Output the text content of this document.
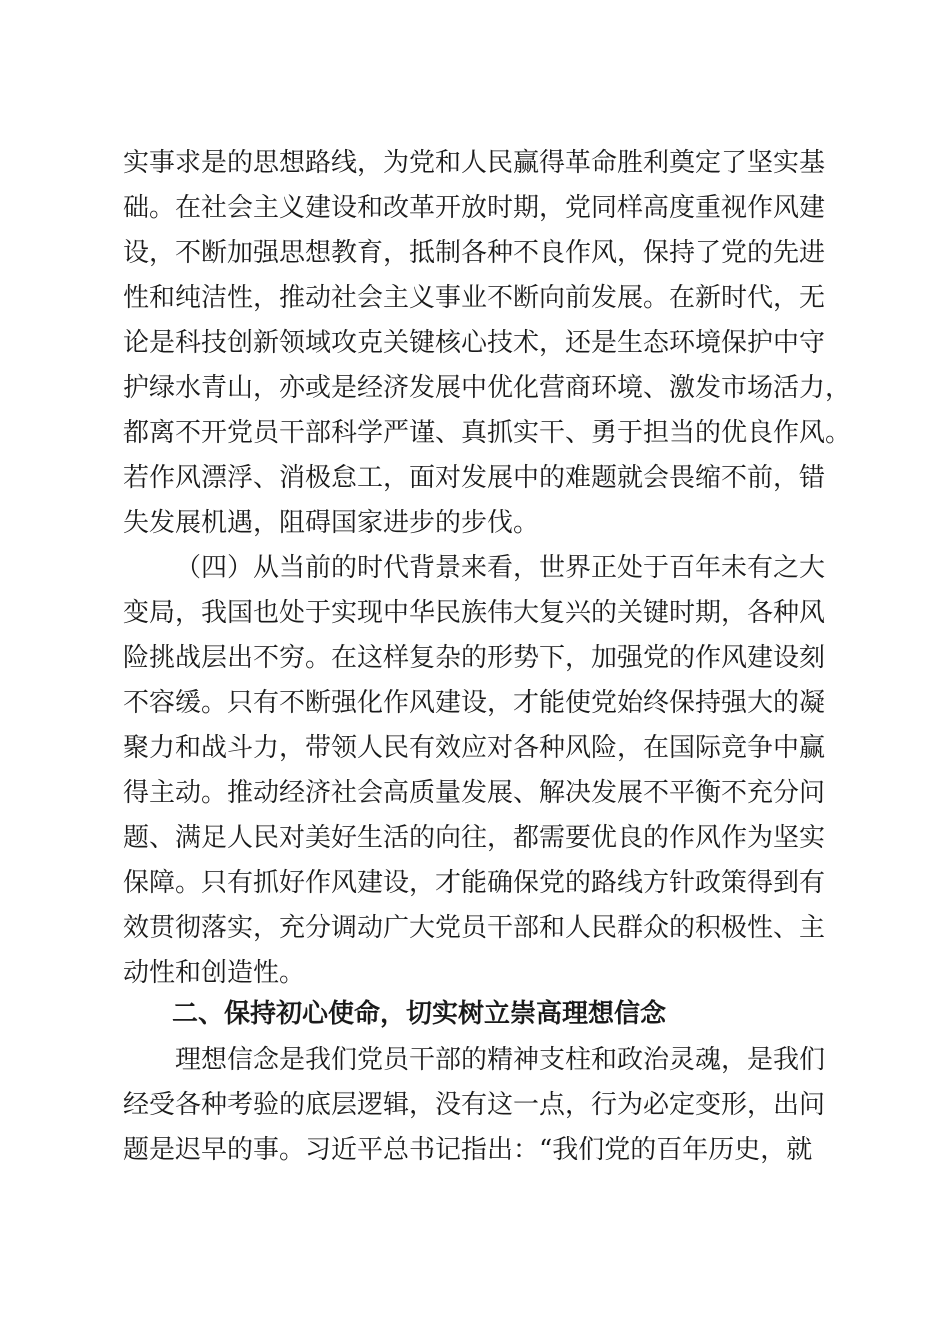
实事求是的思想路线，为党和人民赢得革命胜利奠定了坚实基
础。在社会主义建设和改革开放时期，党同样高度重视作风建
设，不断加强思想教育，抵制各种不良作风，保持了党的先进
性和纯洁性，推动社会主义事业不断向前发展。在新时代，无
论是科技创新领域攻克关键核心技术，还是生态环境保护中守
护绿水青山，亦或是经济发展中优化营商环境、激发市场活力，
都离不开党员干部科学严谨、真抓实干、勇于担当的优良作风。
若作风漂浮、消极怠工，面对发展中的难题就会畏缩不前，错
失发展机遇，阻碍国家进步的步伐。
（四）从当前的时代背景来看，世界正处于百年未有之大
变局，我国也处于实现中华民族伟大复兴的关键时期，各种风
险挑战层出不穷。在这样复杂的形势下，加强党的作风建设刻
不容缓。只有不断强化作风建设，才能使党始终保持强大的凝
聚力和战斗力，带领人民有效应对各种风险，在国际竞争中赢
得主动。推动经济社会高质量发展、解决发展不平衡不充分问
题、满足人民对美好生活的向往，都需要优良的作风作为坚实
保障。只有抓好作风建设，才能确保党的路线方针政策得到有
效贯彻落实，充分调动广大党员干部和人民群众的积极性、主
动性和创造性。
二、保持初心使命，切实树立崇高理想信念
理想信念是我们党员干部的精神支柱和政治灵魂，是我们
经受各种考验的底层逻辑，没有这一点，行为必定变形，出问
题是迟早的事。习近平总书记指出：“我们党的百年历史，就
